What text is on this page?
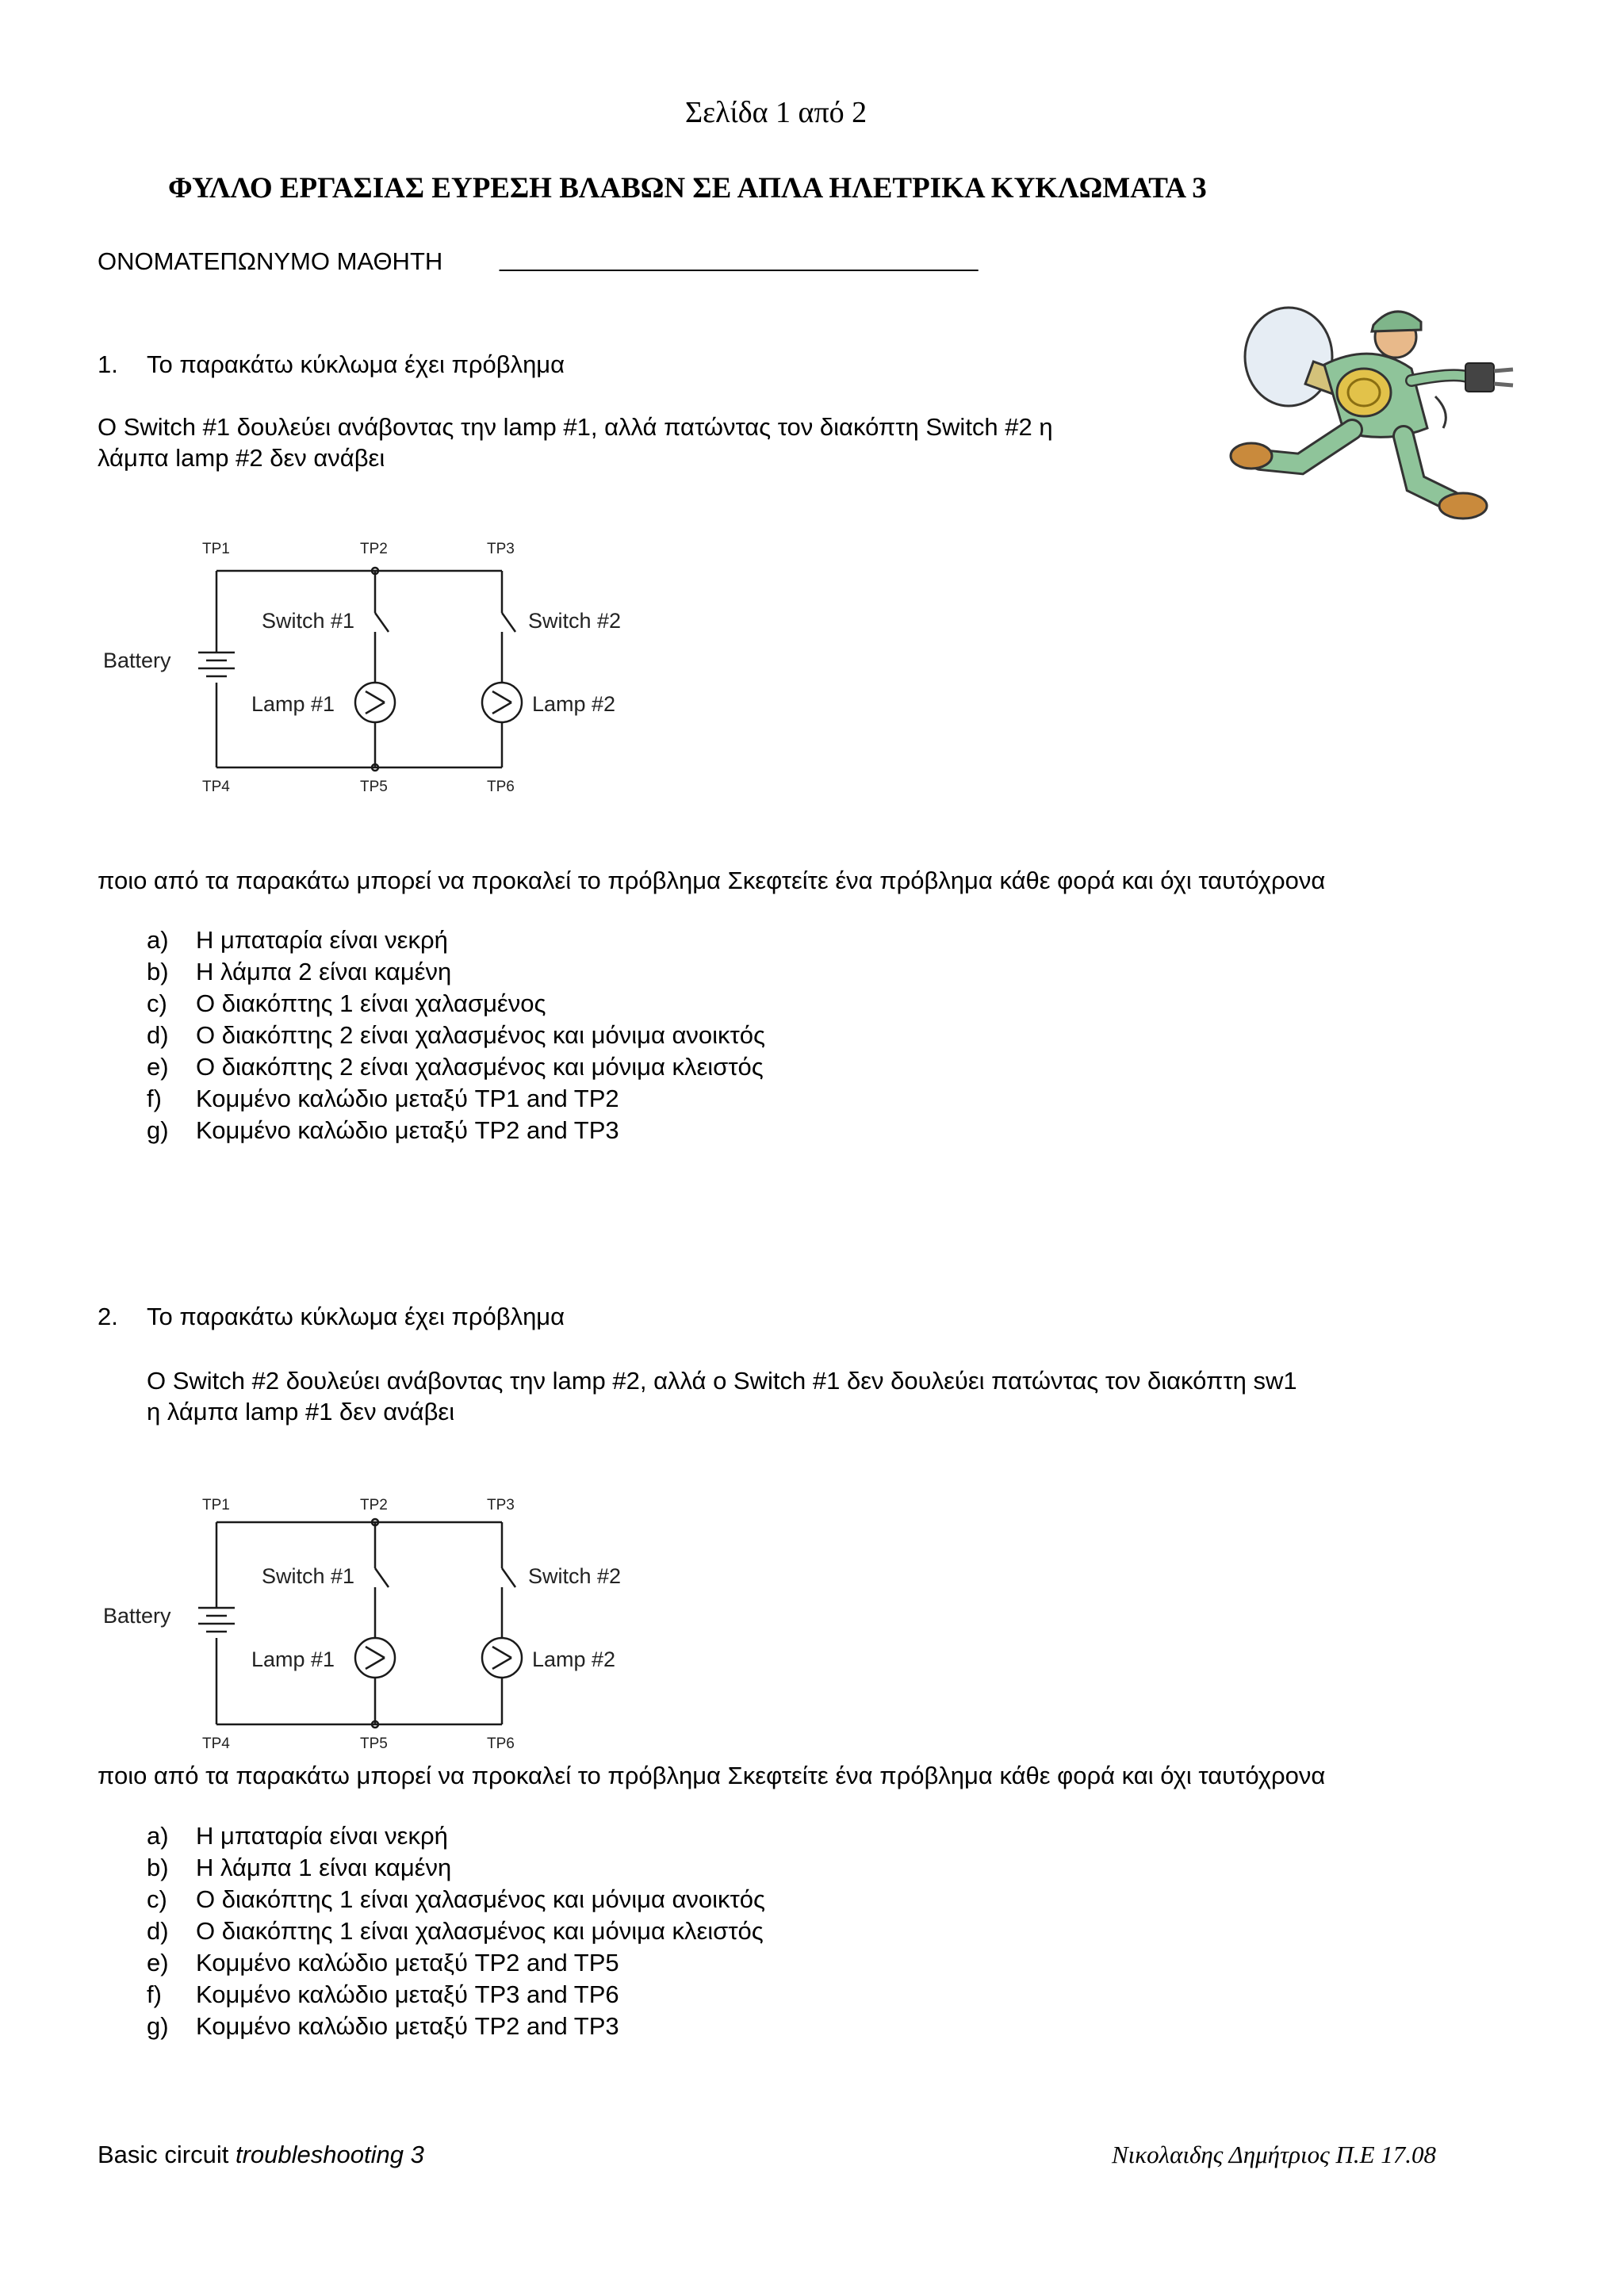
Σελίδα 1 από 2
ΦΥΛΛΟ ΕΡΓΑΣΙΑΣ ΕΥΡΕΣΗ ΒΛΑΒΩΝ ΣΕ ΑΠΛΑ ΗΛΕΤΡΙΚΑ ΚΥΚΛΩΜΑΤΑ 3
ΟΝΟΜΑΤΕΠΩΝΥΜΟ ΜΑΘΗΤΗ ___________________________________
1. Το παρακάτω κύκλωμα έχει πρόβλημα
Ο Switch #1 δουλεύει ανάβοντας την lamp #1, αλλά πατώντας τον διακόπτη Switch #2 η
λάμπα lamp #2 δεν ανάβει
TP1	TP2	TP3
TP4	TP5	TP6
Battery
Switch #1	Switch #2
Lamp #1	Lamp #2
ποιο από τα παρακάτω μπορεί να προκαλεί το πρόβλημα Σκεφτείτε ένα πρόβλημα κάθε φορά και όχι ταυτόχρονα
a) Η μπαταρία είναι νεκρή
b) Η λάμπα 2 είναι καμένη
c) Ο διακόπτης 1 είναι χαλασμένος
d) Ο διακόπτης 2 είναι χαλασμένος και μόνιμα ανοικτός
e) Ο διακόπτης 2 είναι χαλασμένος και μόνιμα κλειστός
f) Κομμένο καλώδιο μεταξύ TP1 and TP2
g) Κομμένο καλώδιο μεταξύ TP2 and TP3
2. Το παρακάτω κύκλωμα έχει πρόβλημα
Ο Switch #2 δουλεύει ανάβοντας την lamp #2, αλλά ο Switch #1 δεν δουλεύει πατώντας τον διακόπτη sw1
η λάμπα lamp #1 δεν ανάβει
TP1	TP2	TP3
TP4	TP5	TP6
Battery
Switch #1	Switch #2
Lamp #1	Lamp #2
ποιο από τα παρακάτω μπορεί να προκαλεί το πρόβλημα Σκεφτείτε ένα πρόβλημα κάθε φορά και όχι ταυτόχρονα
a) Η μπαταρία είναι νεκρή
b) Η λάμπα 1 είναι καμένη
c) Ο διακόπτης 1 είναι χαλασμένος και μόνιμα ανοικτός
d) Ο διακόπτης 1 είναι χαλασμένος και μόνιμα κλειστός
e) Κομμένο καλώδιο μεταξύ TP2 and TP5
f) Κομμένο καλώδιο μεταξύ TP3 and TP6
g) Κομμένο καλώδιο μεταξύ TP2 and TP3
Basic circuit troubleshooting 3	Νικολαιδης Δημήτριος Π.Ε 17.08
